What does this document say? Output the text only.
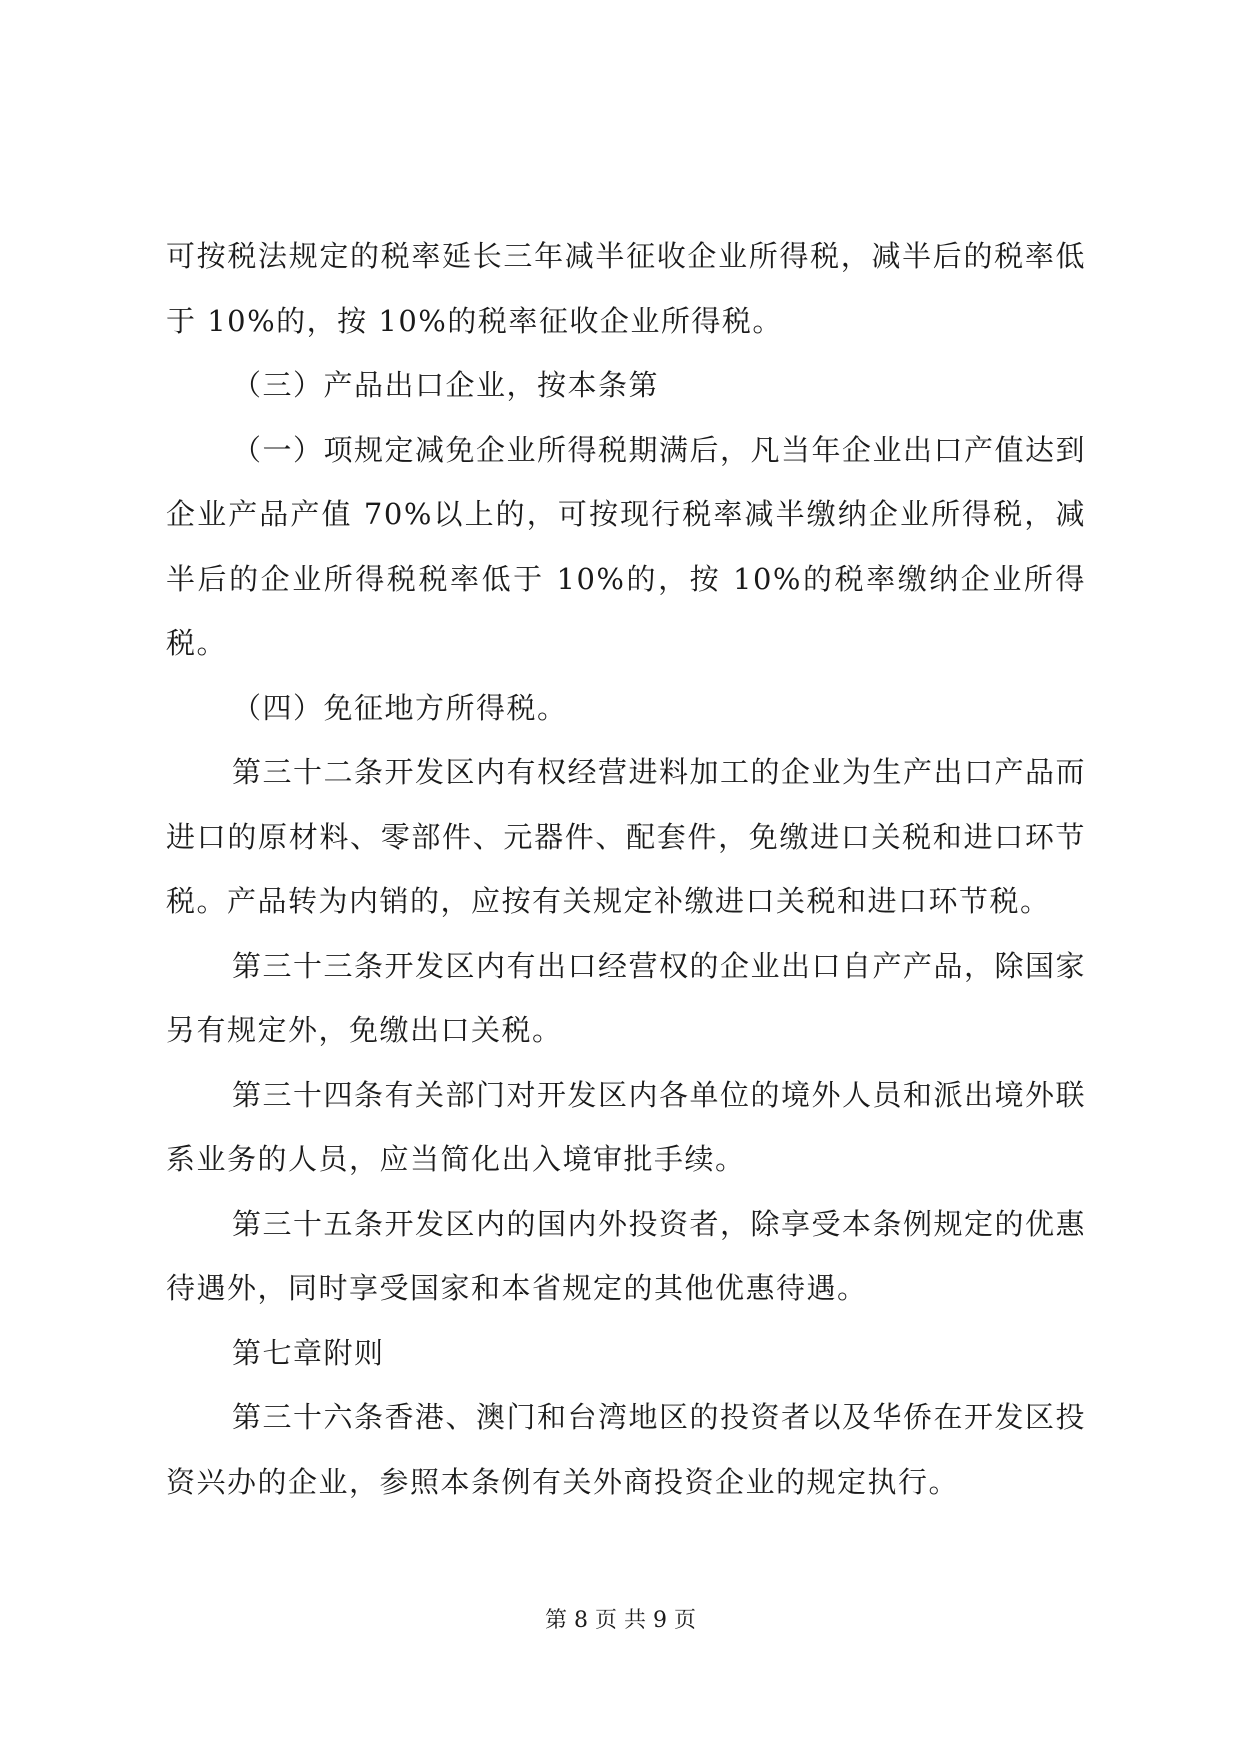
可按税法规定的税率延长三年减半征收企业所得税，减半后的税率低于 10%的，按 10%的税率征收企业所得税。

（三）产品出口企业，按本条第

（一）项规定减免企业所得税期满后，凡当年企业出口产值达到企业产品产值 70%以上的，可按现行税率减半缴纳企业所得税，减半后的企业所得税税率低于 10%的，按 10%的税率缴纳企业所得税。

（四）免征地方所得税。

第三十二条开发区内有权经营进料加工的企业为生产出口产品而进口的原材料、零部件、元器件、配套件，免缴进口关税和进口环节税。产品转为内销的，应按有关规定补缴进口关税和进口环节税。

第三十三条开发区内有出口经营权的企业出口自产产品，除国家另有规定外，免缴出口关税。

第三十四条有关部门对开发区内各单位的境外人员和派出境外联系业务的人员，应当简化出入境审批手续。

第三十五条开发区内的国内外投资者，除享受本条例规定的优惠待遇外，同时享受国家和本省规定的其他优惠待遇。

第七章附则

第三十六条香港、澳门和台湾地区的投资者以及华侨在开发区投资兴办的企业，参照本条例有关外商投资企业的规定执行。

第 8 页 共 9 页
